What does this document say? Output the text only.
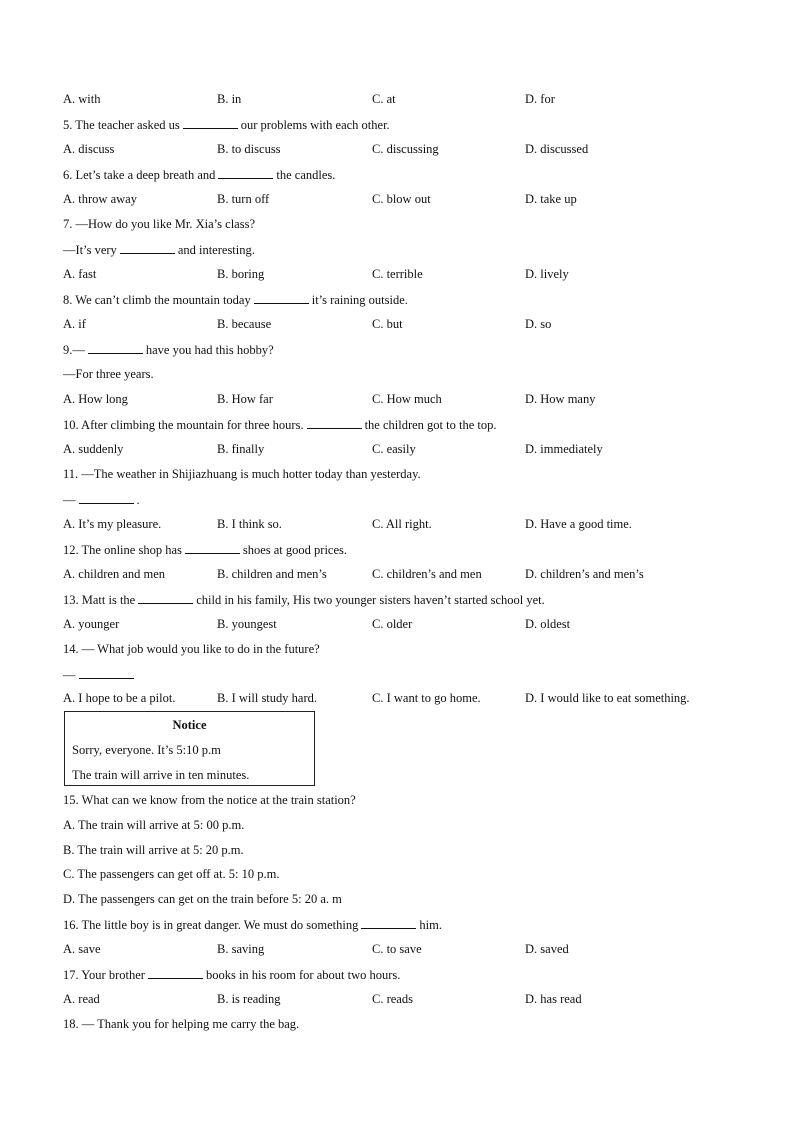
A. with	B. in	C. at	D. for
5. The teacher asked us	our problems with each other.
A. discuss	B. to discuss	C. discussing	D. discussed
6. Let’s take a deep breath and	the candles.
A. throw away	B. turn off	C. blow out	D. take up
7. —How do you like Mr. Xia’s class?
—It’s very	and interesting.
A. fast	B. boring	C. terrible	D. lively
8. We can’t climb the mountain today	it’s raining outside.
A. if	B. because	C. but	D. so
9.—	have you had this hobby?
—For three years.
A. How long	B. How far	C. How much	D. How many
10. After climbing the mountain for three hours.	the children got to the top.
A. suddenly	B. finally	C. easily	D. immediately
11. —The weather in Shijiazhuang is much hotter today than yesterday.
—	.
A. It’s my pleasure.	B. I think so.	C. All right.	D. Have a good time.
12. The online shop has	shoes at good prices.
A. children and men	B. children and men’s	C. children’s and men	D. children’s and men’s
13. Matt is the	child in his family, His two younger sisters haven’t started school yet.
A. younger	B. youngest	C. older	D. oldest
14. — What job would you like to do in the future?
—
A. I hope to be a pilot.	B. I will study hard.	C. I want to go home.	D. I would like to eat something.
15. What can we know from the notice at the train station?
A. The train will arrive at 5: 00 p.m.
B. The train will arrive at 5: 20 p.m.
C. The passengers can get off at. 5: 10 p.m.
D. The passengers can get on the train before 5: 20 a. m
16. The little boy is in great danger. We must do something	him.
A. save	B. saving	C. to save	D. saved
17. Your brother	books in his room for about two hours.
A. read	B. is reading	C. reads	D. has read
18. — Thank you for helping me carry the bag.
Notice
Sorry, everyone. It’s 5:10 p.m
The train will arrive in ten minutes.
